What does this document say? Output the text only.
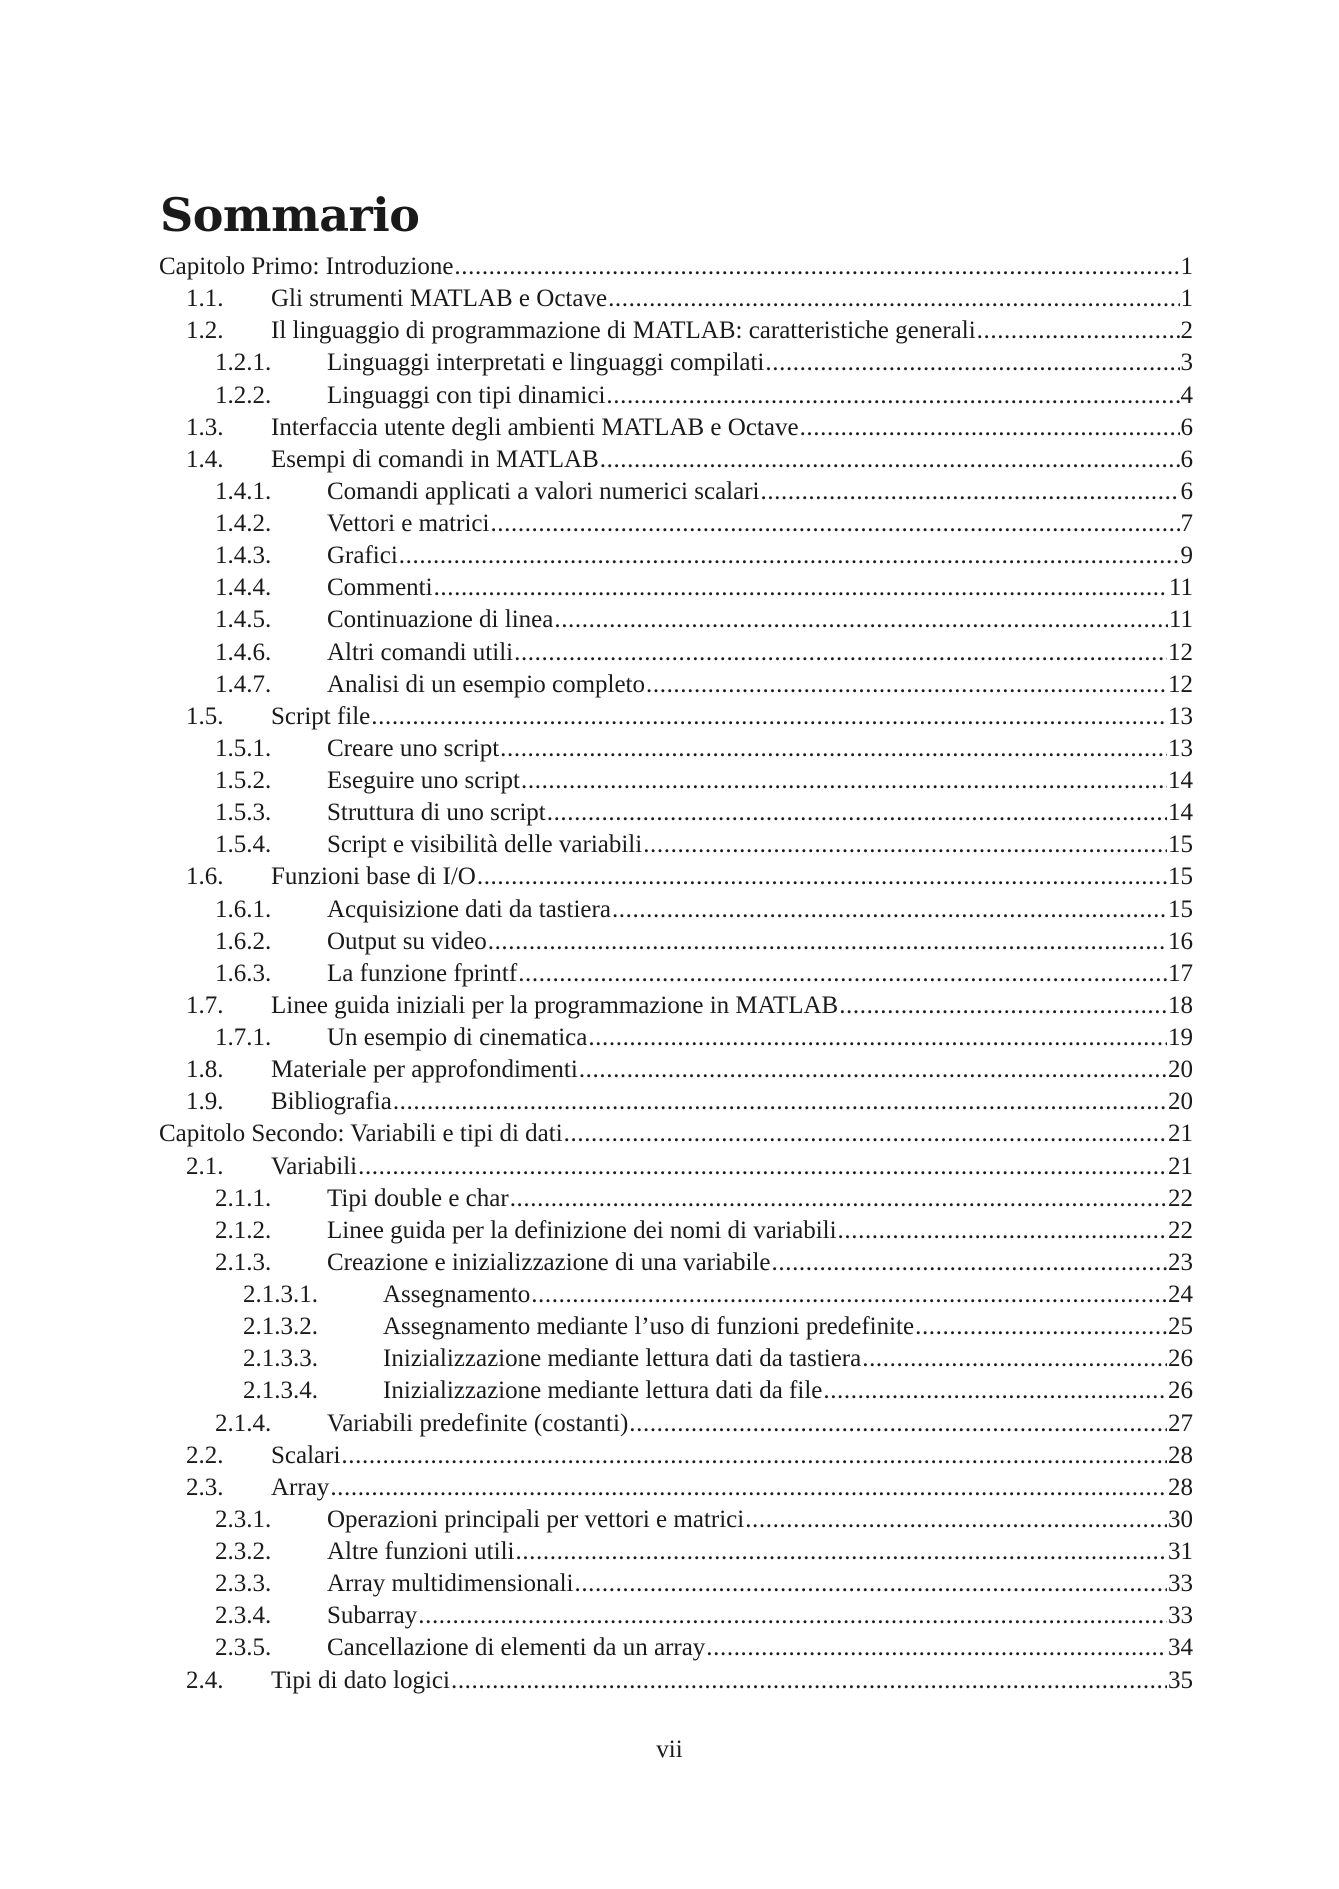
Sommario
Capitolo Primo: Introduzione .....	1
1.1.	Gli strumenti MATLAB e Octave .....	1
1.2.	Il linguaggio di programmazione di MATLAB: caratteristiche generali .....	2
1.2.1.	Linguaggi interpretati e linguaggi compilati .....	3
1.2.2.	Linguaggi con tipi dinamici .....	4
1.3.	Interfaccia utente degli ambienti MATLAB e Octave .....	6
1.4.	Esempi di comandi in MATLAB .....	6
1.4.1.	Comandi applicati a valori numerici scalari .....	6
1.4.2.	Vettori e matrici .....	7
1.4.3.	Grafici .....	9
1.4.4.	Commenti .....	11
1.4.5.	Continuazione di linea .....	11
1.4.6.	Altri comandi utili .....	12
1.4.7.	Analisi di un esempio completo .....	12
1.5.	Script file .....	13
1.5.1.	Creare uno script .....	13
1.5.2.	Eseguire uno script .....	14
1.5.3.	Struttura di uno script .....	14
1.5.4.	Script e visibilità delle variabili .....	15
1.6.	Funzioni base di I/O .....	15
1.6.1.	Acquisizione dati da tastiera .....	15
1.6.2.	Output su video .....	16
1.6.3.	La funzione fprintf .....	17
1.7.	Linee guida iniziali per la programmazione in MATLAB .....	18
1.7.1.	Un esempio di cinematica .....	19
1.8.	Materiale per approfondimenti .....	20
1.9.	Bibliografia .....	20
Capitolo Secondo: Variabili e tipi di dati .....	21
2.1.	Variabili .....	21
2.1.1.	Tipi double e char .....	22
2.1.2.	Linee guida per la definizione dei nomi di variabili .....	22
2.1.3.	Creazione e inizializzazione di una variabile .....	23
2.1.3.1.	Assegnamento .....	24
2.1.3.2.	Assegnamento mediante l’uso di funzioni predefinite .....	25
2.1.3.3.	Inizializzazione mediante lettura dati da tastiera .....	26
2.1.3.4.	Inizializzazione mediante lettura dati da file .....	26
2.1.4.	Variabili predefinite (costanti) .....	27
2.2.	Scalari .....	28
2.3.	Array .....	28
2.3.1.	Operazioni principali per vettori e matrici .....	30
2.3.2.	Altre funzioni utili .....	31
2.3.3.	Array multidimensionali .....	33
2.3.4.	Subarray .....	33
2.3.5.	Cancellazione di elementi da un array .....	34
2.4.	Tipi di dato logici .....	35
vii
